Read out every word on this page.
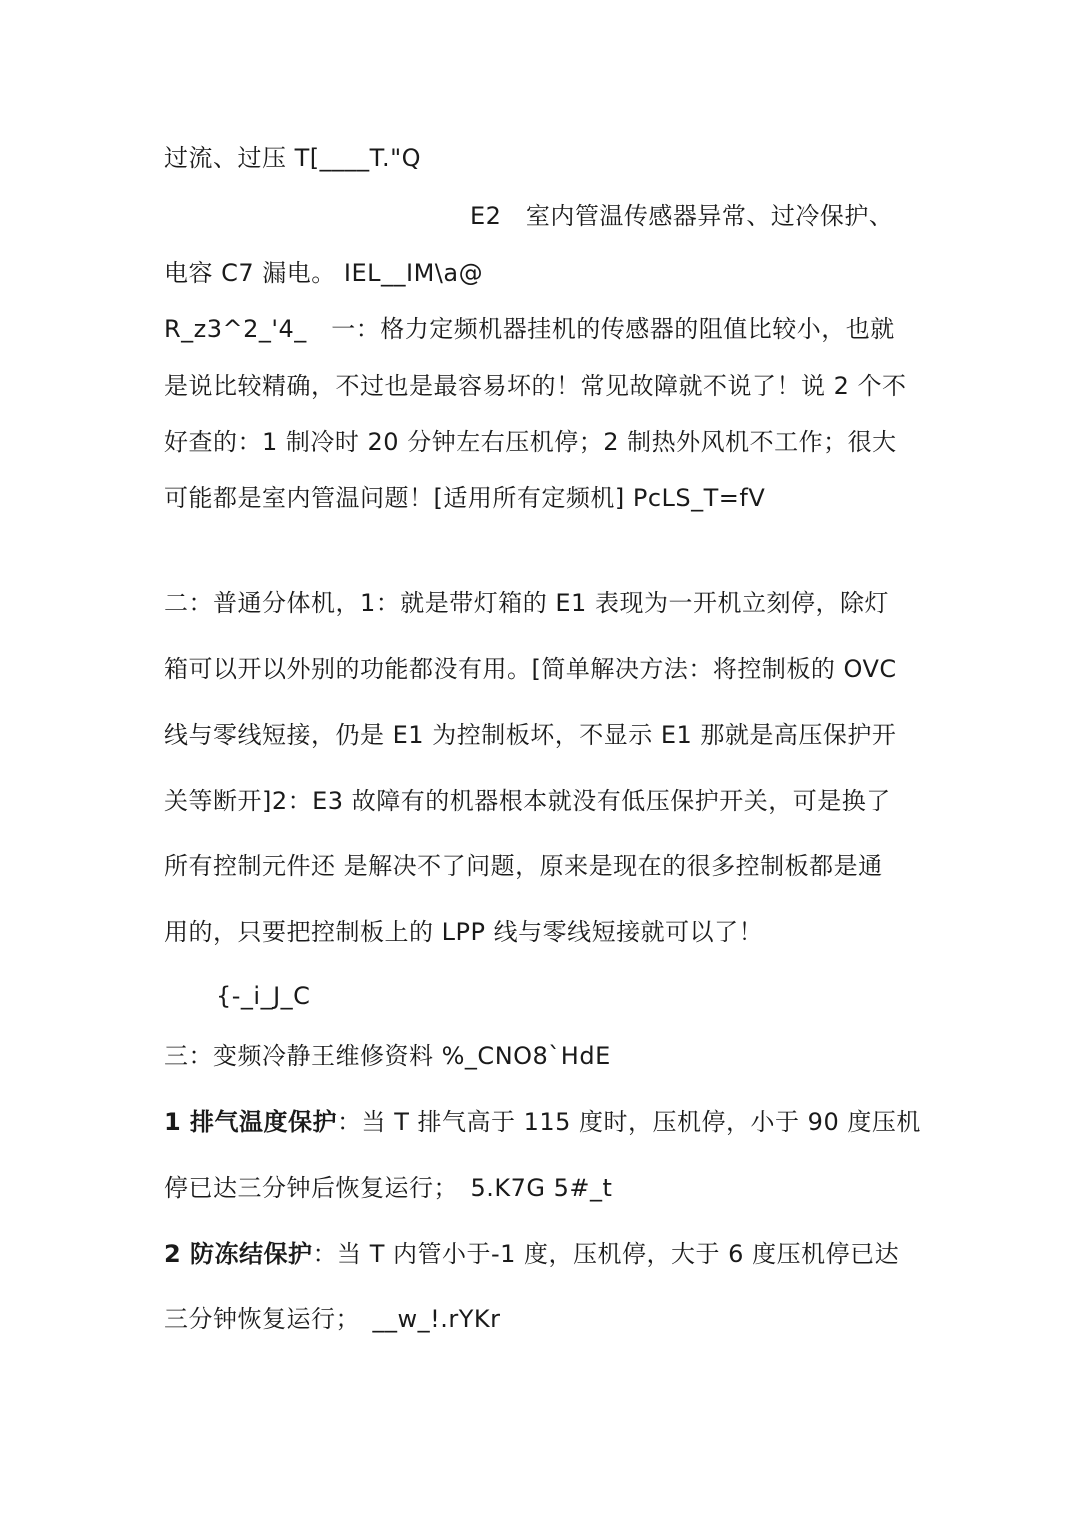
过流、过压 T[____T."Q
E2　室内管温传感器异常、过冷保护、
电容 C7 漏电。 IEL__IM\a@
R_z3^2_'4_　一：格力定频机器挂机的传感器的阻值比较小，也就
是说比较精确，不过也是最容易坏的！常见故障就不说了！说 2 个不
好查的：1 制冷时 20 分钟左右压机停；2 制热外风机不工作；很大
可能都是室内管温问题！[适用所有定频机] PcLS_T=fV
二：普通分体机，1：就是带灯箱的 E1 表现为一开机立刻停，除灯
箱可以开以外别的功能都没有用。[简单解决方法：将控制板的 OVC
线与零线短接，仍是 E1 为控制板坏，不显示 E1 那就是高压保护开
关等断开]2：E3 故障有的机器根本就没有低压保护开关，可是换了
所有控制元件还 是解决不了问题，原来是现在的很多控制板都是通
用的，只要把控制板上的 LPP 线与零线短接就可以了！
{-_i_J_C
三：变频冷静王维修资料 %_CNO8`HdE
1 排气温度保护：当 T 排气高于 115 度时，压机停，小于 90 度压机
停已达三分钟后恢复运行；　5.K7G 5#_t
2 防冻结保护：当 T 内管小于-1 度，压机停，大于 6 度压机停已达
三分钟恢复运行；　__w_!.rYKr
